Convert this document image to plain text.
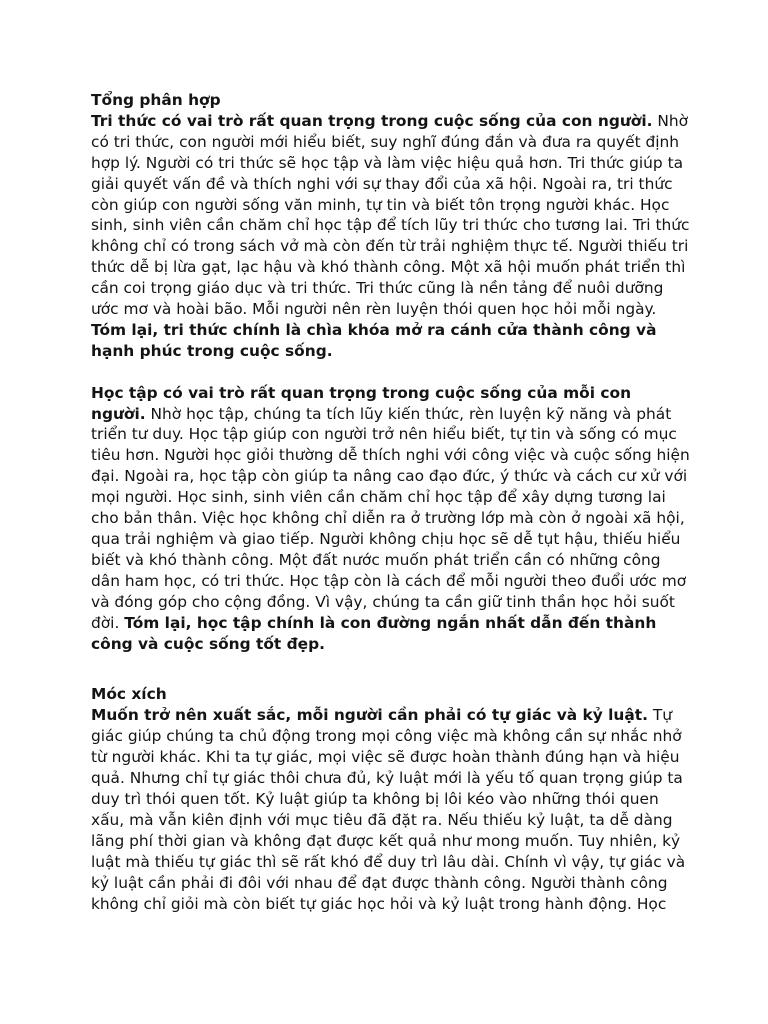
Tổng phân hợp

Tri thức có vai trò rất quan trọng trong cuộc sống của con người. Nhờ có tri thức, con người mới hiểu biết, suy nghĩ đúng đắn và đưa ra quyết định hợp lý. Người có tri thức sẽ học tập và làm việc hiệu quả hơn. Tri thức giúp ta giải quyết vấn đề và thích nghi với sự thay đổi của xã hội. Ngoài ra, tri thức còn giúp con người sống văn minh, tự tin và biết tôn trọng người khác. Học sinh, sinh viên cần chăm chỉ học tập để tích lũy tri thức cho tương lai. Tri thức không chỉ có trong sách vở mà còn đến từ trải nghiệm thực tế. Người thiếu tri thức dễ bị lừa gạt, lạc hậu và khó thành công. Một xã hội muốn phát triển thì cần coi trọng giáo dục và tri thức. Tri thức cũng là nền tảng để nuôi dưỡng ước mơ và hoài bão. Mỗi người nên rèn luyện thói quen học hỏi mỗi ngày. Tóm lại, tri thức chính là chìa khóa mở ra cánh cửa thành công và hạnh phúc trong cuộc sống.

Học tập có vai trò rất quan trọng trong cuộc sống của mỗi con người. Nhờ học tập, chúng ta tích lũy kiến thức, rèn luyện kỹ năng và phát triển tư duy. Học tập giúp con người trở nên hiểu biết, tự tin và sống có mục tiêu hơn. Người học giỏi thường dễ thích nghi với công việc và cuộc sống hiện đại. Ngoài ra, học tập còn giúp ta nâng cao đạo đức, ý thức và cách cư xử với mọi người. Học sinh, sinh viên cần chăm chỉ học tập để xây dựng tương lai cho bản thân. Việc học không chỉ diễn ra ở trường lớp mà còn ở ngoài xã hội, qua trải nghiệm và giao tiếp. Người không chịu học sẽ dễ tụt hậu, thiếu hiểu biết và khó thành công. Một đất nước muốn phát triển cần có những công dân ham học, có tri thức. Học tập còn là cách để mỗi người theo đuổi ước mơ và đóng góp cho cộng đồng. Vì vậy, chúng ta cần giữ tinh thần học hỏi suốt đời. Tóm lại, học tập chính là con đường ngắn nhất dẫn đến thành công và cuộc sống tốt đẹp.

Móc xích

Muốn trở nên xuất sắc, mỗi người cần phải có tự giác và kỷ luật. Tự giác giúp chúng ta chủ động trong mọi công việc mà không cần sự nhắc nhở từ người khác. Khi ta tự giác, mọi việc sẽ được hoàn thành đúng hạn và hiệu quả. Nhưng chỉ tự giác thôi chưa đủ, kỷ luật mới là yếu tố quan trọng giúp ta duy trì thói quen tốt. Kỷ luật giúp ta không bị lôi kéo vào những thói quen xấu, mà vẫn kiên định với mục tiêu đã đặt ra. Nếu thiếu kỷ luật, ta dễ dàng lãng phí thời gian và không đạt được kết quả như mong muốn. Tuy nhiên, kỷ luật mà thiếu tự giác thì sẽ rất khó để duy trì lâu dài. Chính vì vậy, tự giác và kỷ luật cần phải đi đôi với nhau để đạt được thành công. Người thành công không chỉ giỏi mà còn biết tự giác học hỏi và kỷ luật trong hành động. Học
